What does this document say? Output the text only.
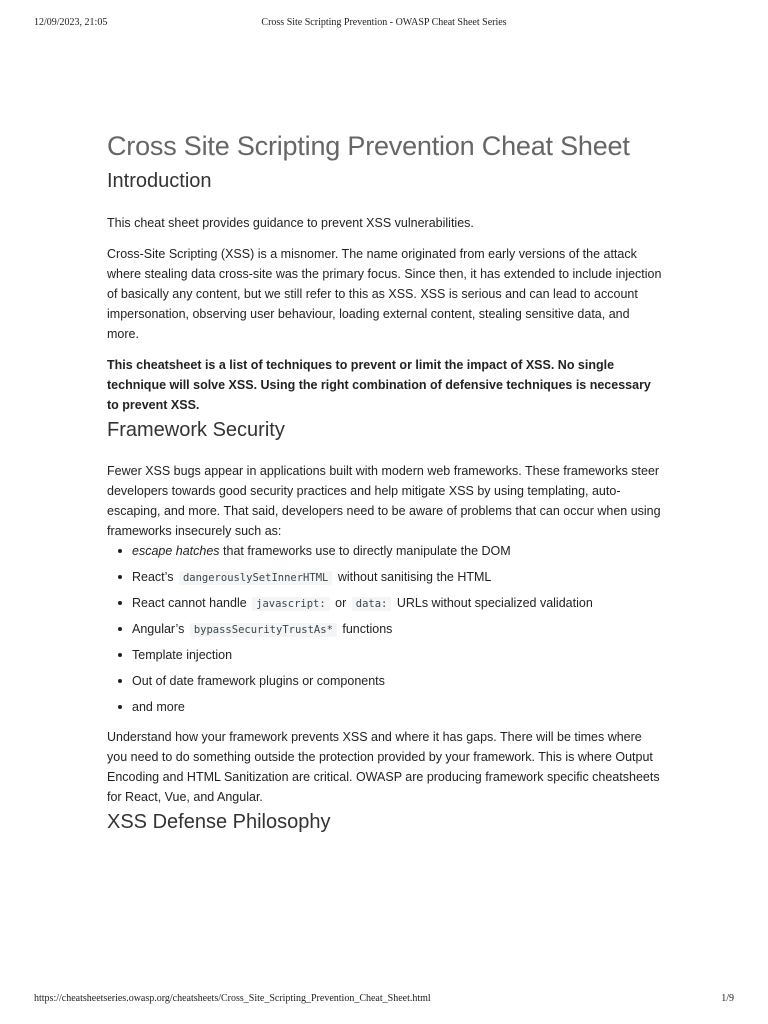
12/09/2023, 21:05	Cross Site Scripting Prevention - OWASP Cheat Sheet Series
Cross Site Scripting Prevention Cheat Sheet
Introduction

This cheat sheet provides guidance to prevent XSS vulnerabilities.

Cross-Site Scripting (XSS) is a misnomer. The name originated from early versions of the attack where stealing data cross-site was the primary focus. Since then, it has extended to include injection of basically any content, but we still refer to this as XSS. XSS is serious and can lead to account impersonation, observing user behaviour, loading external content, stealing sensitive data, and more.

This cheatsheet is a list of techniques to prevent or limit the impact of XSS. No single technique will solve XSS. Using the right combination of defensive techniques is necessary to prevent XSS.

Framework Security

Fewer XSS bugs appear in applications built with modern web frameworks. These frameworks steer developers towards good security practices and help mitigate XSS by using templating, auto-escaping, and more. That said, developers need to be aware of problems that can occur when using frameworks insecurely such as:

escape hatches that frameworks use to directly manipulate the DOM
React’s dangerouslySetInnerHTML without sanitising the HTML
React cannot handle javascript: or data: URLs without specialized validation
Angular’s bypassSecurityTrustAs* functions
Template injection
Out of date framework plugins or components
and more

Understand how your framework prevents XSS and where it has gaps. There will be times where you need to do something outside the protection provided by your framework. This is where Output Encoding and HTML Sanitization are critical. OWASP are producing framework specific cheatsheets for React, Vue, and Angular.

XSS Defense Philosophy
https://cheatsheetseries.owasp.org/cheatsheets/Cross_Site_Scripting_Prevention_Cheat_Sheet.html	1/9
